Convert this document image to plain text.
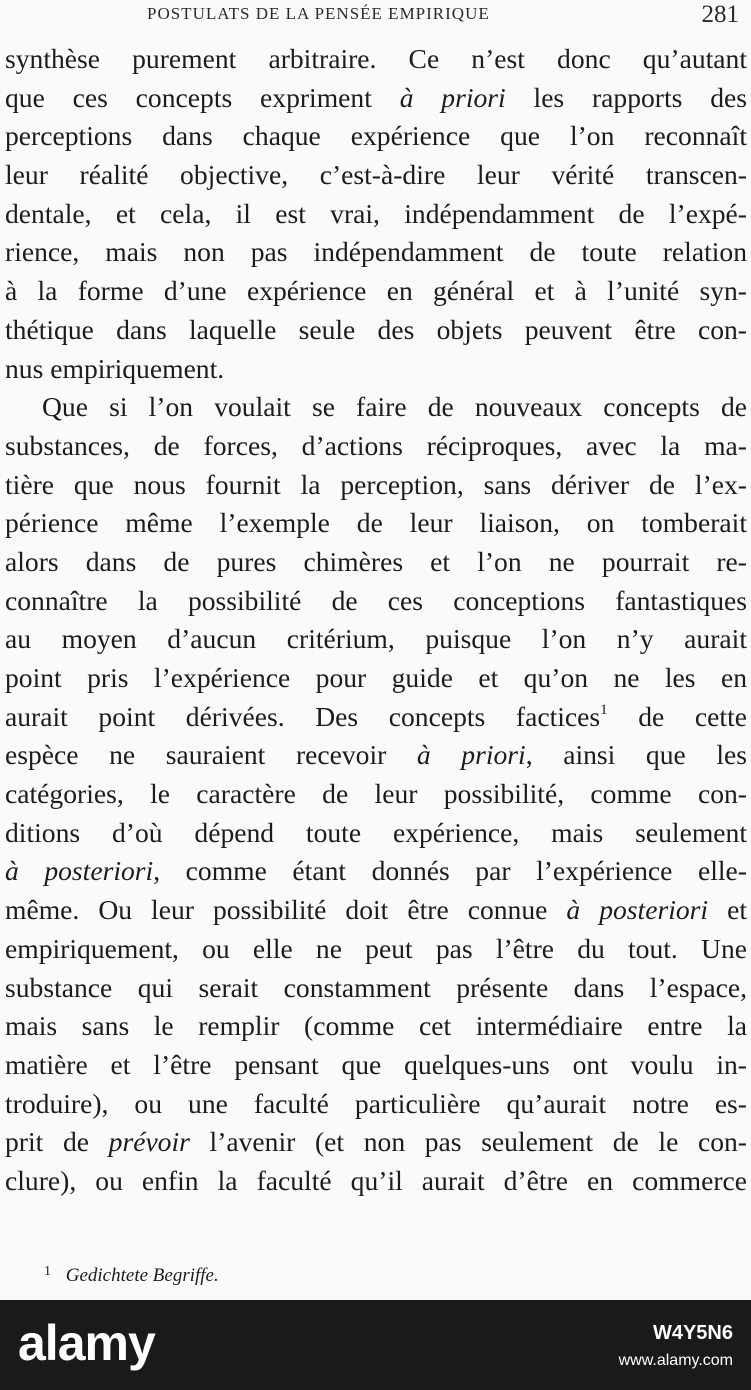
POSTULATS DE LA PENSÉE EMPIRIQUE	281
synthèse purement arbitraire. Ce n’est donc qu’autant
que ces concepts expriment à priori les rapports des
perceptions dans chaque expérience que l’on reconnaît
leur réalité objective, c’est-à-dire leur vérité transcen-
dentale, et cela, il est vrai, indépendamment de l’expé-
rience, mais non pas indépendamment de toute relation
à la forme d’une expérience en général et à l’unité syn-
thétique dans laquelle seule des objets peuvent être con-
nus empiriquement.
Que si l’on voulait se faire de nouveaux concepts de
substances, de forces, d’actions réciproques, avec la ma-
tière que nous fournit la perception, sans dériver de l’ex-
périence même l’exemple de leur liaison, on tomberait
alors dans de pures chimères et l’on ne pourrait re-
connaître la possibilité de ces conceptions fantastiques
au moyen d’aucun critérium, puisque l’on n’y aurait
point pris l’expérience pour guide et qu’on ne les en
aurait point dérivées. Des concepts factices$^1$ de cette
espèce ne sauraient recevoir à priori, ainsi que les
catégories, le caractère de leur possibilité, comme con-
ditions d’où dépend toute expérience, mais seulement
à posteriori, comme étant donnés par l’expérience elle-
même. Ou leur possibilité doit être connue à posteriori et
empiriquement, ou elle ne peut pas l’être du tout. Une
substance qui serait constamment présente dans l’espace,
mais sans le remplir (comme cet intermédiaire entre la
matière et l’être pensant que quelques-uns ont voulu in-
troduire), ou une faculté particulière qu’aurait notre es-
prit de prévoir l’avenir (et non pas seulement de le con-
clure), ou enfin la faculté qu’il aurait d’être en commerce
$^1$ Gedichtete Begriffe.
alamy	W4Y5N6
www.alamy.com
